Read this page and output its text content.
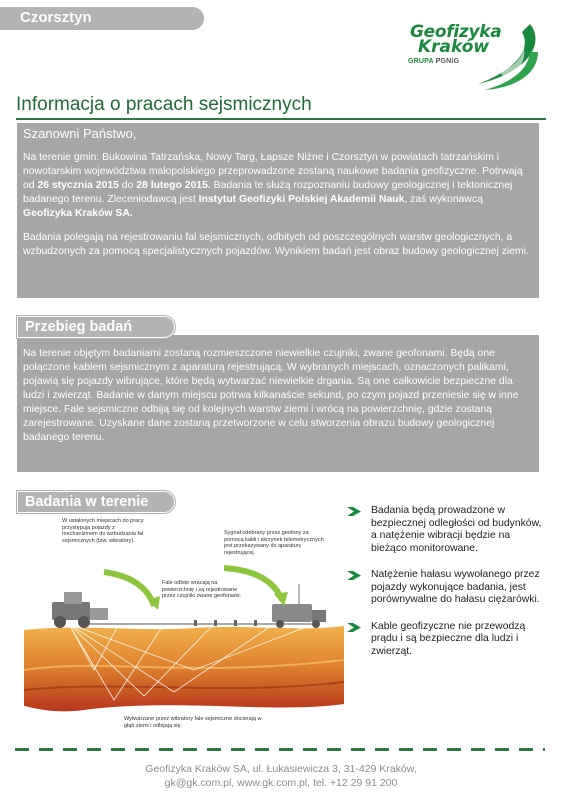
Czorsztyn
Geofizyka
Kraków
GRUPA PGNiG
Informacja o pracach sejsmicznych

Szanowni Państwo,

Na terenie gmin: Bukowina Tatrzańska, Nowy Targ, Łapsze Niżne i Czorsztyn w powiatach tatrzańskim i nowotarskim województwa małopolskiego przeprowadzone zostaną naukowe badania geofizyczne. Potrwają od 26 stycznia 2015 do 28 lutego 2015. Badania te służą rozpoznaniu budowy geologicznej i tektonicznej badanego terenu. Zleceniodawcą jest Instytut Geofizyki Polskiej Akademii Nauk, zaś wykonawcą Geofizyka Kraków SA.

Badania polegają na rejestrowaniu fal sejsmicznych, odbitych od poszczególnych warstw geologicznych, a wzbudzonych za pomocą specjalistycznych pojazdów. Wynikiem badań jest obraz budowy geologicznej ziemi.

Na terenie objętym badaniami zostaną rozmieszczone niewielkie czujniki, zwane geofonami. Będą one połączone kablem sejsmicznym z aparaturą rejestrującą. W wybranych miejscach, oznaczonych palikami, pojawią się pojazdy wibrujące, które będą wytwarzać niewielkie drgania. Są one całkowicie bezpieczne dla ludzi i zwierząt. Badanie w danym miejscu potrwa kilkanaście sekund, po czym pojazd przeniesie się w inne miejsce. Fale sejsmiczne odbiją się od kolejnych warstw ziemi i wrócą na powierzchnię, gdzie zostaną zarejestrowane. Uzyskane dane zostaną przetworzone w celu stworzenia obrazu budowy geologicznej badanego terenu.

Przebieg badań
Badania w terenie
W ustalonych miejscach do pracy przystępują pojazdy z mechanizmem do wzbudzania fal sejsmicznych (tzw. wibratory).
Sygnał odebrany przez geofony za pomocą kabli i skrzynek telemetrycznych jest przekazywany do aparatury rejestrującej.
Fale odbite wracają na powierzchnię i są rejestrowane przez czujniki zwane geofonami.
Wytwarzane przez wibratory fale sejsmiczne docierają w głąb ziemi i odbijają się.
Badania będą prowadzone w bezpiecznej odległości od budynków, a natężenie wibracji będzie na bieżąco monitorowane.
Natężenie hałasu wywołanego przez pojazdy wykonujące badania, jest porównywalne do hałasu ciężarówki.
Kable geofizyczne nie przewodzą prądu i są bezpieczne dla ludzi i zwierząt.
Geofizyka Kraków SA, ul. Łukasiewicza 3, 31-429 Kraków,
gk@gk.com.pl, www.gk.com.pl, tel. +12 29 91 200
